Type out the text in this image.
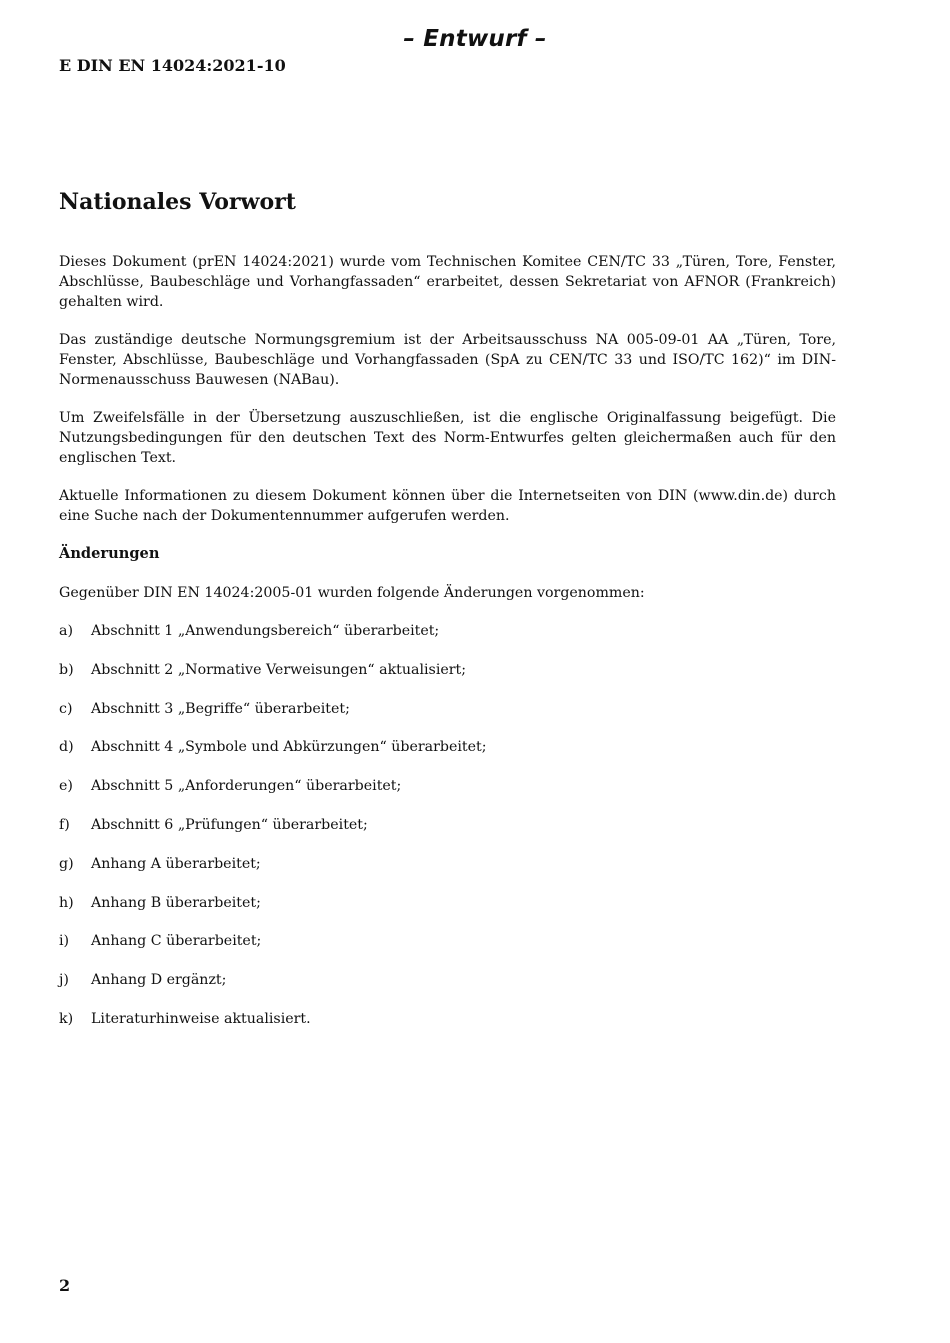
– Entwurf –
E DIN EN 14024:2021-10
Nationales Vorwort

Dieses Dokument (prEN 14024:2021) wurde vom Technischen Komitee CEN/TC 33 „Türen, Tore, Fenster, Abschlüsse, Baubeschläge und Vorhangfassaden“ erarbeitet, dessen Sekretariat von AFNOR (Frankreich) gehalten wird.

Das zuständige deutsche Normungsgremium ist der Arbeitsausschuss NA 005-09-01 AA „Türen, Tore, Fenster, Abschlüsse, Baubeschläge und Vorhangfassaden (SpA zu CEN/TC 33 und ISO/TC 162)“ im DIN-Normenausschuss Bauwesen (NABau).

Um Zweifelsfälle in der Übersetzung auszuschließen, ist die englische Originalfassung beigefügt. Die Nutzungsbedingungen für den deutschen Text des Norm-Entwurfes gelten gleichermaßen auch für den englischen Text.

Aktuelle Informationen zu diesem Dokument können über die Internetseiten von DIN (www.din.de) durch eine Suche nach der Dokumentennummer aufgerufen werden.

Änderungen

Gegenüber DIN EN 14024:2005-01 wurden folgende Änderungen vorgenommen:

a)	Abschnitt 1 „Anwendungsbereich“ überarbeitet;
b)	Abschnitt 2 „Normative Verweisungen“ aktualisiert;
c)	Abschnitt 3 „Begriffe“ überarbeitet;
d)	Abschnitt 4 „Symbole und Abkürzungen“ überarbeitet;
e)	Abschnitt 5 „Anforderungen“ überarbeitet;
f)	Abschnitt 6 „Prüfungen“ überarbeitet;
g)	Anhang A überarbeitet;
h)	Anhang B überarbeitet;
i)	Anhang C überarbeitet;
j)	Anhang D ergänzt;
k)	Literaturhinweise aktualisiert.
2
